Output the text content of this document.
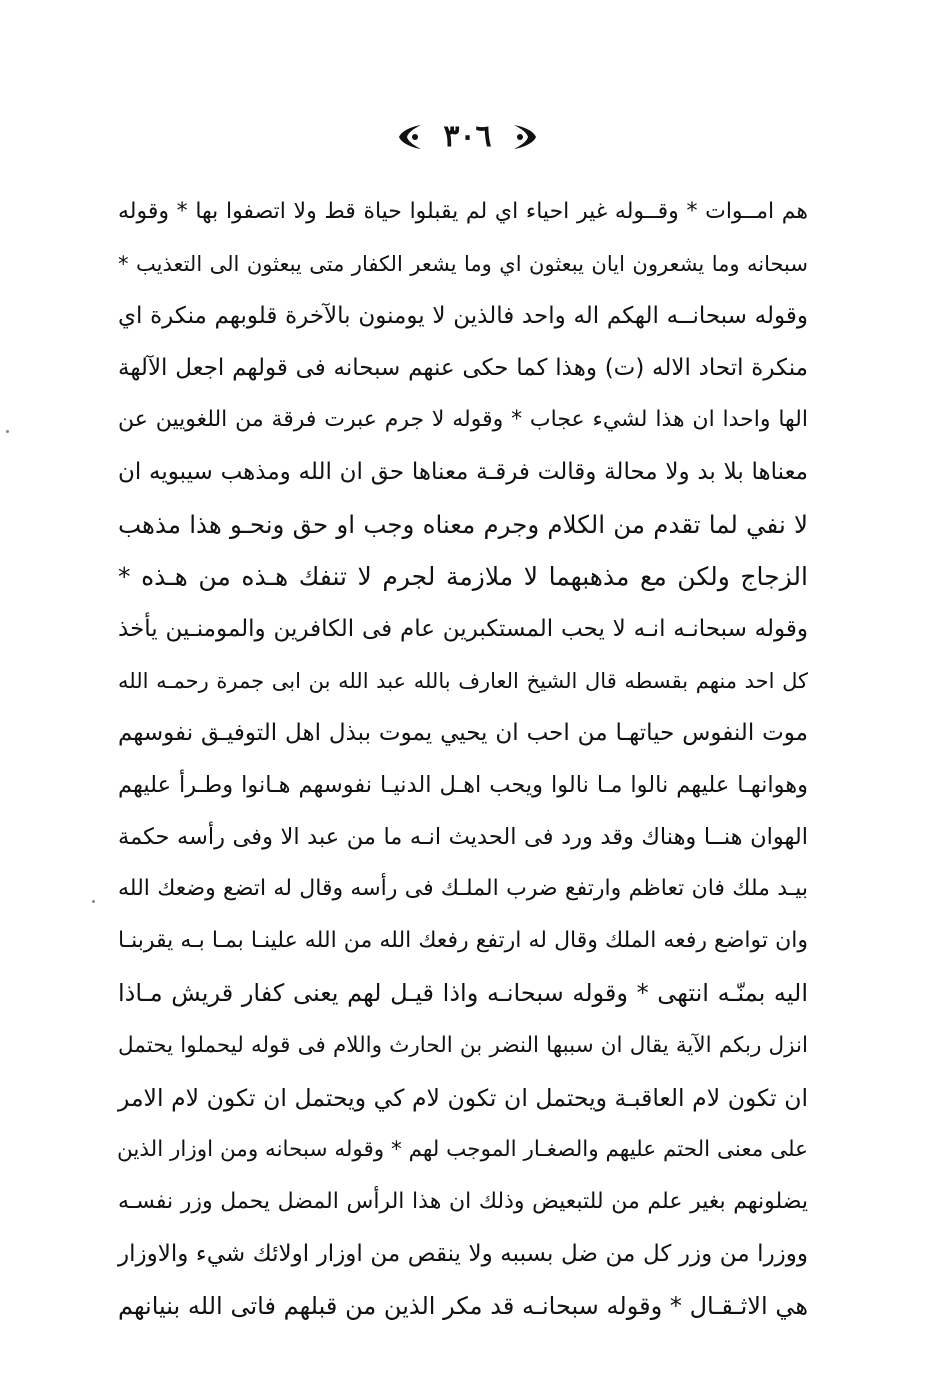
٣٠٦
هم امــوات * وقــوله غير احياء اي لم يقبلوا حياة قط ولا اتصفوا بها * وقوله
سبحانه وما يشعرون ايان يبعثون اي وما يشعر الكفار متى يبعثون الى التعذيب *
وقوله سبحانــه الهكم اله واحد فالذين لا يومنون بالآخرة قلوبهم منكرة اي
منكرة اتحاد الاله (ت) وهذا كما حكى عنهم سبحانه فى قولهم اجعل الآلهة
الها واحدا ان هذا لشيء عجاب * وقوله لا جرم عبرت فرقة من اللغويين عن
معناها بلا بد ولا محالة وقالت فرقـة معناها حق ان الله ومذهب سيبويه ان
لا نفي لما تقدم من الكلام وجرم معناه وجب او حق ونحـو هذا مذهب
الزجاج ولكن مع مذهبهما لا ملازمة لجرم لا تنفك هـذه من هـذه *
وقوله سبحانـه انـه لا يحب المستكبرين عام فى الكافرين والمومنـين يأخذ
كل احد منهم بقسطه قال الشيخ العارف بالله عبد الله بن ابى جمرة رحمـه الله
موت النفوس حياتهـا من احب ان يحيي يموت ببذل اهل التوفيـق نفوسهم
وهوانهـا عليهم نالوا مـا نالوا ويحب اهـل الدنيـا نفوسهم هـانوا وطـرأ عليهم
الهوان هنــا وهناك وقد ورد فى الحديث انـه ما من عبد الا وفى رأسه حكمة
بيـد ملك فان تعاظم وارتفع ضرب الملـك فى رأسه وقال له اتضع وضعك الله
وان تواضع رفعه الملك وقال له ارتفع رفعك الله من الله علينـا بمـا بـه يقربنـا
اليه بمنّـه انتهى * وقوله سبحانـه واذا قيـل لهم يعنى كفار قريش مـاذا
انزل ربكم الآية يقال ان سببها النضر بن الحارث واللام فى قوله ليحملوا يحتمل
ان تكون لام العاقبـة ويحتمل ان تكون لام كي ويحتمل ان تكون لام الامر
على معنى الحتم عليهم والصغـار الموجب لهم * وقوله سبحانه ومن اوزار الذين
يضلونهم بغير علم من للتبعيض وذلك ان هذا الرأس المضل يحمل وزر نفسـه
ووزرا من وزر كل من ضل بسببه ولا ينقص من اوزار اولائك شيء والاوزار
هي الاثـقـال * وقوله سبحانـه قد مكر الذين من قبلهم فاتى الله بنيانهم
